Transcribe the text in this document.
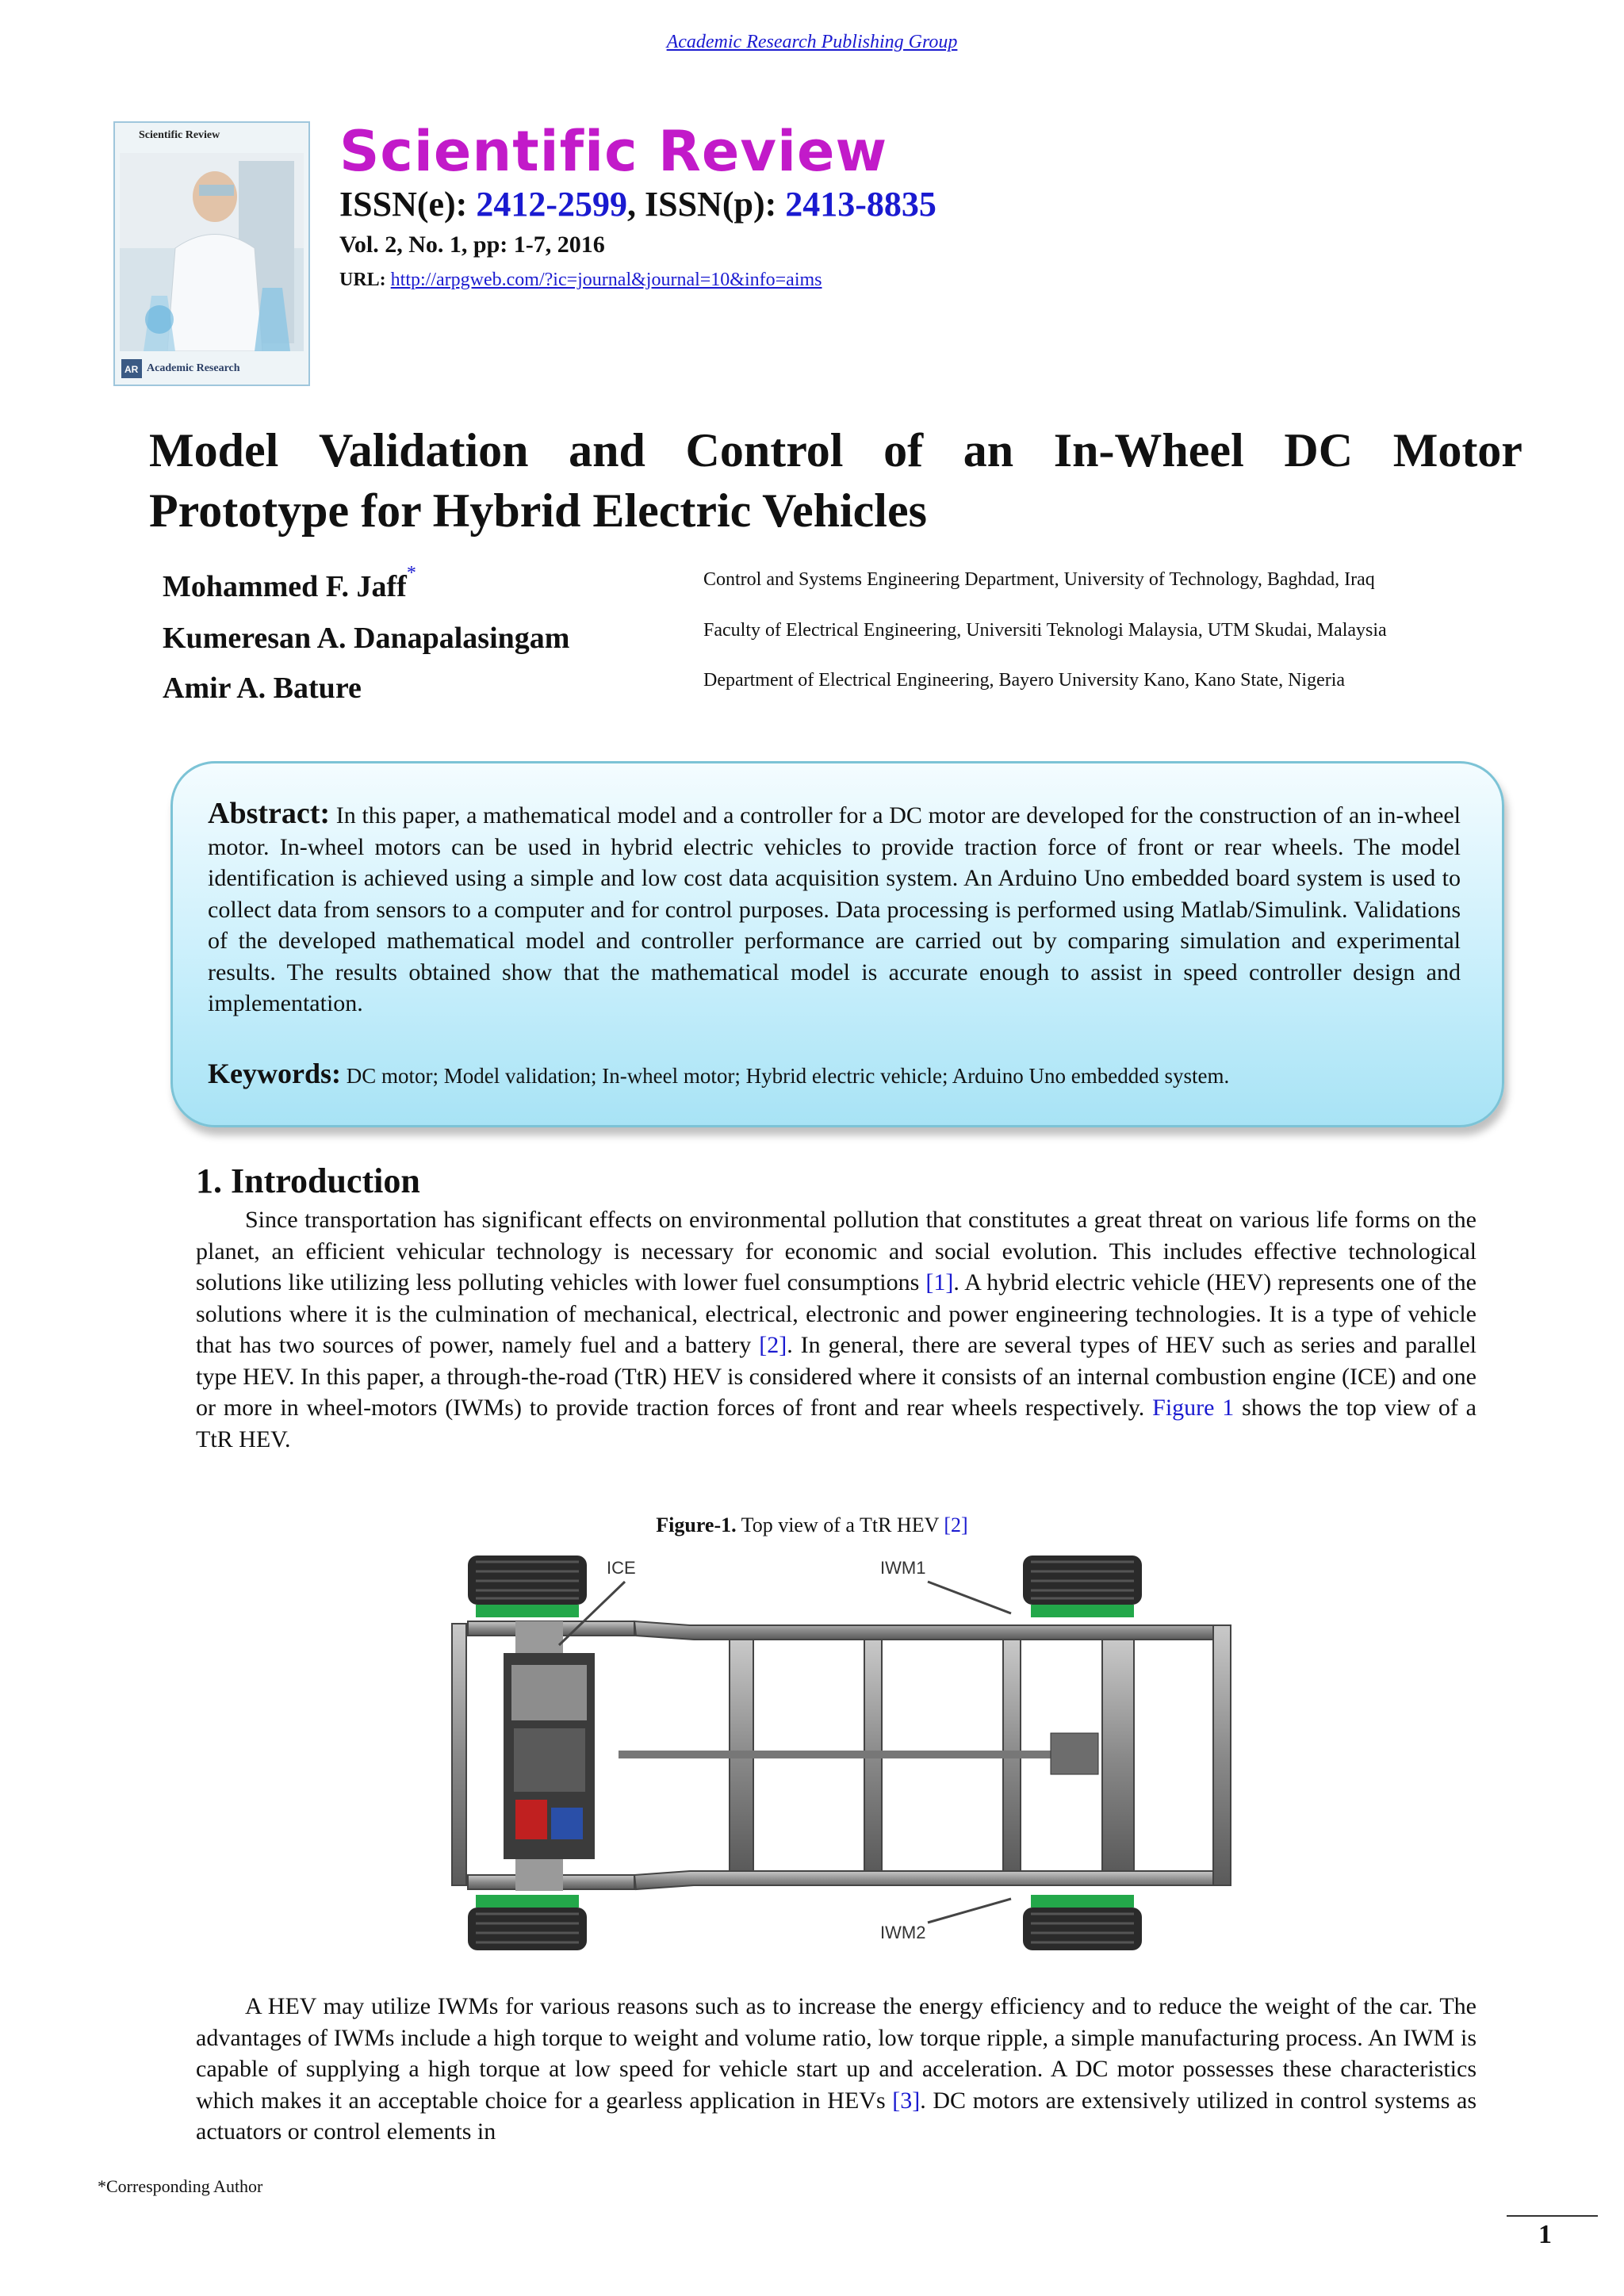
Academic Research Publishing Group
Scientific Review
AR Academic Research
Scientific Review
ISSN(e): 2412-2599, ISSN(p): 2413-8835
Vol. 2, No. 1, pp: 1-7, 2016
URL: http://arpgweb.com/?ic=journal&journal=10&info=aims
Model Validation and Control of an In-Wheel DC Motor
Prototype for Hybrid Electric Vehicles
Mohammed F. Jaff*	Control and Systems Engineering Department, University of Technology, Baghdad, Iraq
Kumeresan A. Danapalasingam	Faculty of Electrical Engineering, Universiti Teknologi Malaysia, UTM Skudai, Malaysia
Amir A. Bature	Department of Electrical Engineering, Bayero University Kano, Kano State, Nigeria
Abstract: In this paper, a mathematical model and a controller for a DC motor are developed for the construction of an in-wheel motor. In-wheel motors can be used in hybrid electric vehicles to provide traction force of front or rear wheels. The model identification is achieved using a simple and low cost data acquisition system. An Arduino Uno embedded board system is used to collect data from sensors to a computer and for control purposes. Data processing is performed using Matlab/Simulink. Validations of the developed mathematical model and controller performance are carried out by comparing simulation and experimental results. The results obtained show that the mathematical model is accurate enough to assist in speed controller design and implementation.
Keywords: DC motor; Model validation; In-wheel motor; Hybrid electric vehicle; Arduino Uno embedded system.
1. Introduction
Since transportation has significant effects on environmental pollution that constitutes a great threat on various life forms on the planet, an efficient vehicular technology is necessary for economic and social evolution. This includes effective technological solutions like utilizing less polluting vehicles with lower fuel consumptions [1]. A hybrid electric vehicle (HEV) represents one of the solutions where it is the culmination of mechanical, electrical, electronic and power engineering technologies. It is a type of vehicle that has two sources of power, namely fuel and a battery [2]. In general, there are several types of HEV such as series and parallel type HEV. In this paper, a through-the-road (TtR) HEV is considered where it consists of an internal combustion engine (ICE) and one or more in wheel-motors (IWMs) to provide traction forces of front and rear wheels respectively. Figure 1 shows the top view of a TtR HEV.
Figure-1. Top view of a TtR HEV [2]
ICE	IWM1
IWM2
A HEV may utilize IWMs for various reasons such as to increase the energy efficiency and to reduce the weight of the car. The advantages of IWMs include a high torque to weight and volume ratio, low torque ripple, a simple manufacturing process. An IWM is capable of supplying a high torque at low speed for vehicle start up and acceleration. A DC motor possesses these characteristics which makes it an acceptable choice for a gearless application in HEVs [3]. DC motors are extensively utilized in control systems as actuators or control elements in
*Corresponding Author
1
